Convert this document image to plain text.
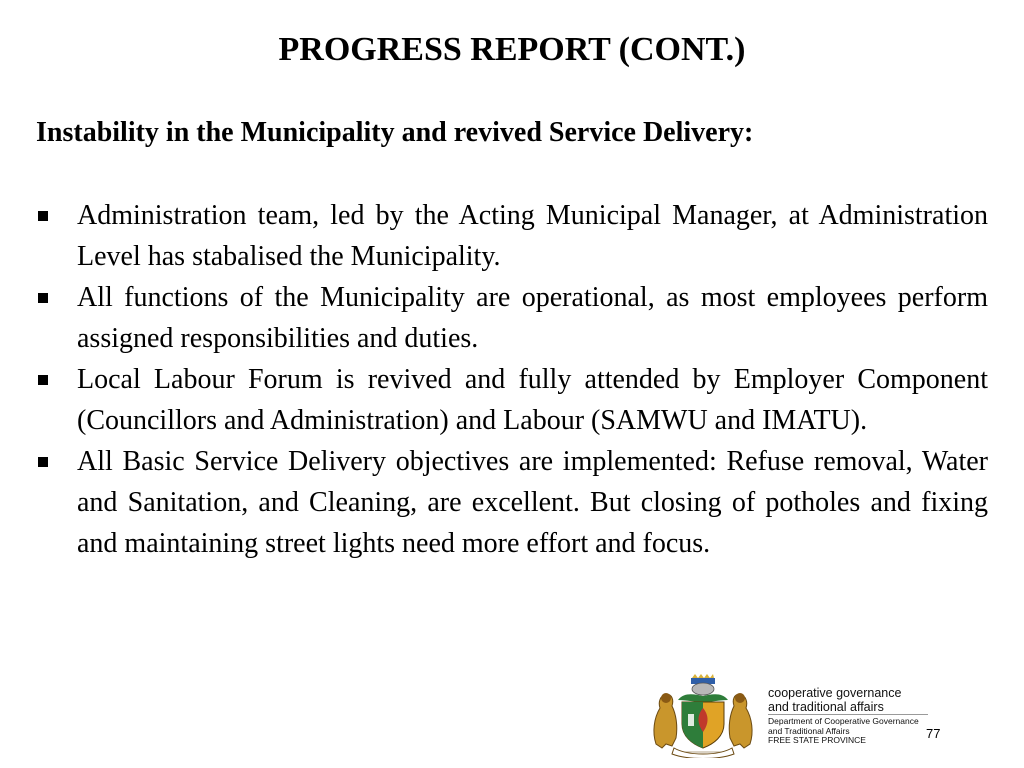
PROGRESS REPORT (CONT.)
Instability in the Municipality and revived Service Delivery:
Administration team, led by the Acting Municipal Manager, at Administration Level has stabalised the Municipality.
All functions of the Municipality are operational, as most employees perform assigned responsibilities and duties.
Local Labour Forum is revived and fully attended by Employer Component (Councillors and Administration) and Labour (SAMWU and IMATU).
All Basic Service Delivery objectives are implemented: Refuse removal, Water and Sanitation, and Cleaning, are excellent. But closing of potholes and fixing and maintaining street lights need more effort and focus.
cooperative governance
and traditional affairs
Department of Cooperative Governance
and Traditional Affairs
FREE STATE PROVINCE	77
